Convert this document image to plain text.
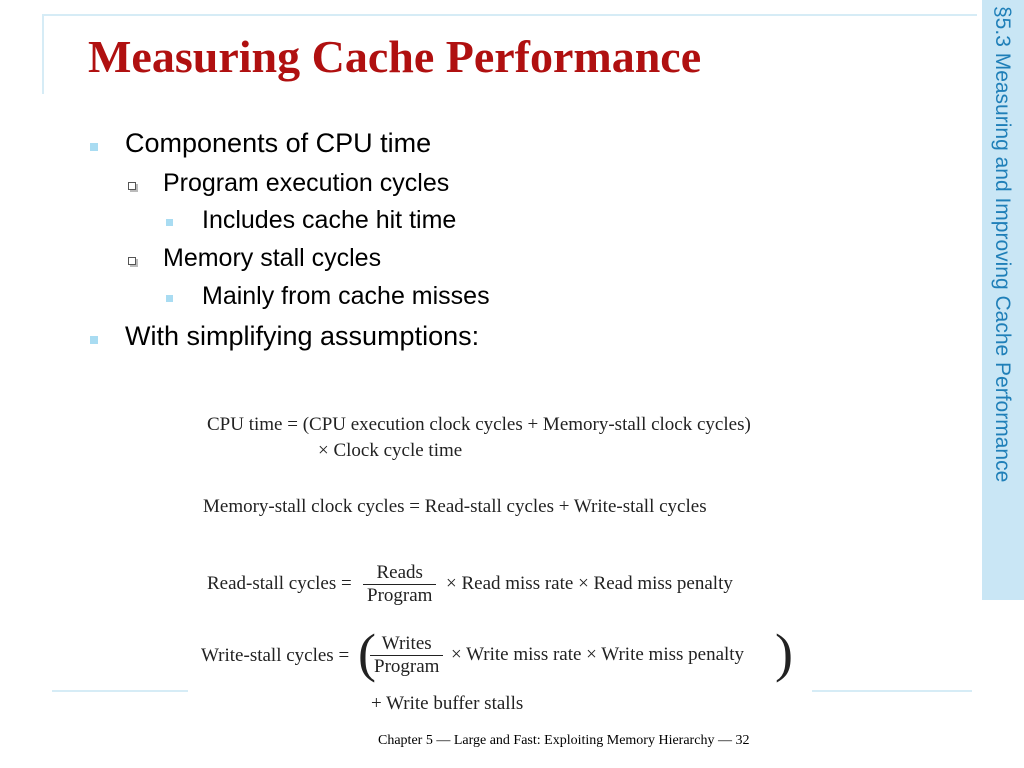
Measuring Cache Performance	§5.3 Measuring and Improving Cache Performance
Components of CPU time
Program execution cycles
Includes cache hit time
Memory stall cycles
Mainly from cache misses
With simplifying assumptions:
CPU time = (CPU execution clock cycles + Memory-stall clock cycles)
× Clock cycle time
Memory-stall clock cycles = Read-stall cycles + Write-stall cycles
Read-stall cycles =
Reads
Program
× Read miss rate × Read miss penalty
Write-stall cycles = ( Writes
Program
× Write miss rate × Write miss penalty )
+ Write buffer stalls
Chapter 5 — Large and Fast: Exploiting Memory Hierarchy — 32
